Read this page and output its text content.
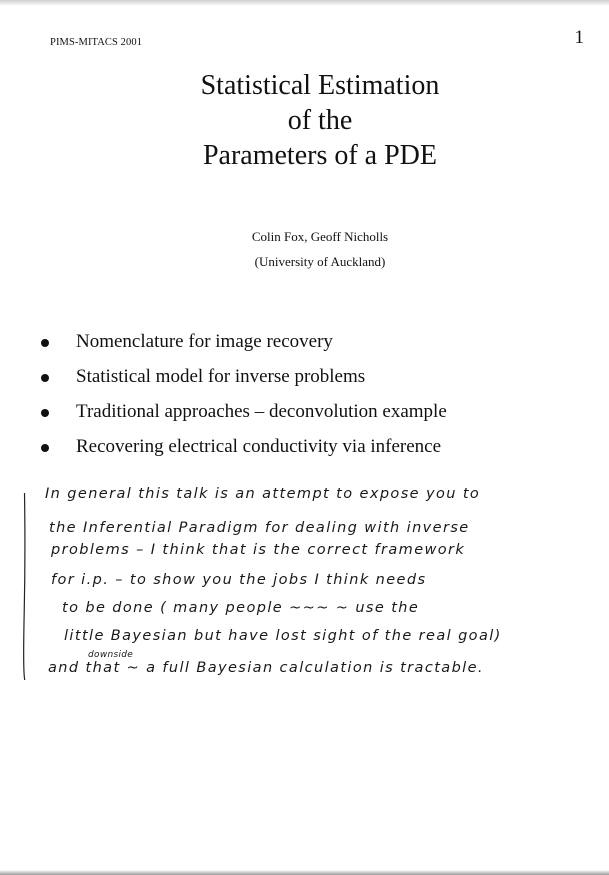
PIMS-MITACS 2001	1
Statistical Estimation
of the
Parameters of a PDE
Colin Fox, Geoff Nicholls
(University of Auckland)
Nomenclature for image recovery
Statistical model for inverse problems
Traditional approaches – deconvolution example
Recovering electrical conductivity via inference
In general this talk is an attempt to expose you to
the Inferential Paradigm for dealing with inverse
problems – I think that is the correct framework
for i.p. – to show you the jobs I think needs
to be done ( many people ~~~ ~ use the
little Bayesian but have lost sight of the real goal)
downside
and that ~ a full Bayesian calculation is tractable.
